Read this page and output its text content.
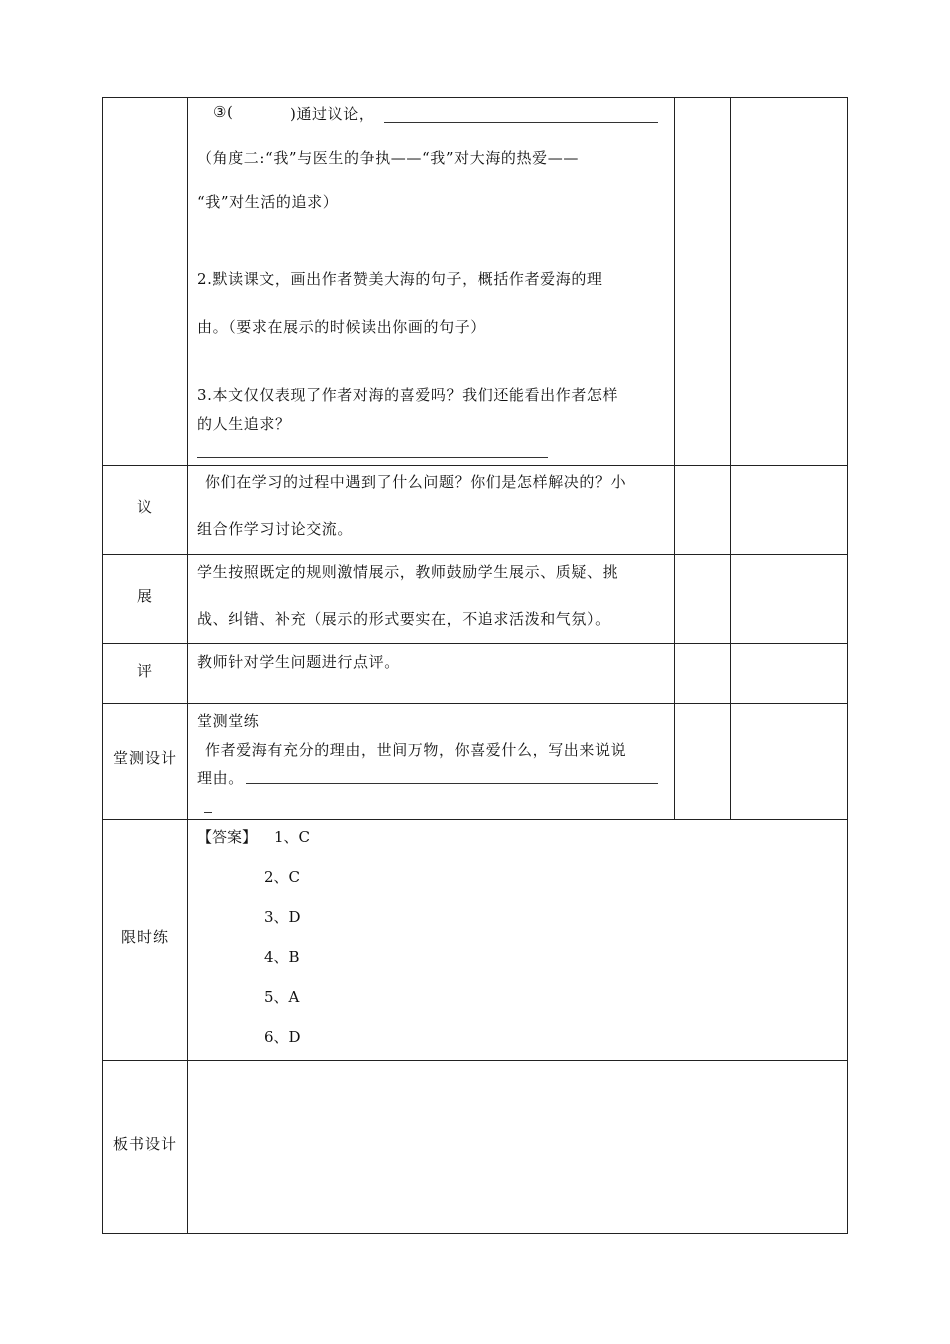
③(	)通过议论，
（角度二:“我”与医生的争执——“我”对大海的热爱——
“我”对生活的追求）
2.默读课文，画出作者赞美大海的句子，概括作者爱海的理
由。（要求在展示的时候读出你画的句子）
3.本文仅仅表现了作者对海的喜爱吗？我们还能看出作者怎样
的人生追求？
议
你们在学习的过程中遇到了什么问题？你们是怎样解决的？小
组合作学习讨论交流。
展
学生按照既定的规则激情展示，教师鼓励学生展示、质疑、挑
战、纠错、补充（展示的形式要实在，不追求活泼和气氛）。
评	教师针对学生问题进行点评。
堂测设计
堂测堂练
作者爱海有充分的理由，世间万物，你喜爱什么，写出来说说
理由。
限时练
【答案】 1、C
2、C
3、D
4、B
5、A
6、D
板书设计
